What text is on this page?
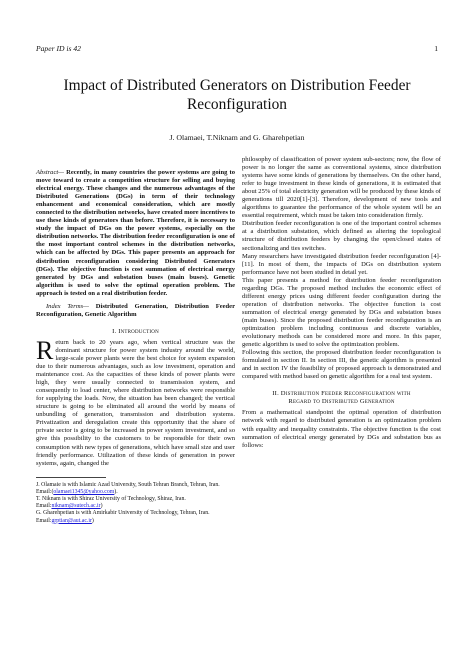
Paper ID is 42	1
Impact of Distributed Generators on Distribution Feeder Reconfiguration
J. Olamaei, T.Niknam and G. Gharehpetian

Abstract— Recently, in many countries the power systems are going to move toward to create a competition structure for selling and buying electrical energy. These changes and the numerous advantages of the Distributed Generations (DGs) in term of their technology enhancement and economical consideration, which are mostly connected to the distribution networks, have created more incentives to use these kinds of generators than before. Therefore, it is necessary to study the impact of DGs on the power systems, especially on the distribution networks. The distribution feeder reconfiguration is one of the most important control schemes in the distribution networks, which can be affected by DGs. This paper presents an approach for distribution reconfiguration considering Distributed Generators (DGs). The objective function is cost summation of electrical energy generated by DGs and substation buses (main buses). Genetic algorithm is used to solve the optimal operation problem. The approach is tested on a real distribution feeder.

Index Terms— Distributed Generation, Distribution Feeder Reconfiguration, Genetic Algorithm

I. Introduction

Return back to 20 years ago, when vertical structure was the dominant structure for power system industry around the world, large-scale power plants were the best choice for system expansion due to their numerous advantages, such as low investment, operation and maintenance cost. As the capacities of these kinds of power plants were high, they were usually connected to transmission system, and consequently to load center, where distribution networks were responsible for supplying the loads. Now, the situation has been changed; the vertical structure is going to be eliminated all around the world by means of unbundling of generation, transmission and distribution systems. Privatization and deregulation create this opportunity that the share of private sector is going to be increased in power system investment, and so give this possibility to the customers to be responsible for their own consumption with new types of generations, which have small size and user friendly performance. Utilization of these kinds of generation in power systems, again, changed the

J. Olamaie is with Islamic Azad University, South Tehran Branch, Tehran, Iran. Email:(olamaei1345@yahoo.com).
T. Niknam is with Shiraz University of Technology, Shiraz, Iran. Email:niknam@sutech.ac.ir)
G. Gharehpetian is with Amirkabir University of Technology, Tehran, Iran. Email:grptian@aut.ac.ir)

philosophy of classification of power system sub-sectors; now, the flow of power is no longer the same as conventional systems, since distribution systems have some kinds of generations by themselves. On the other hand, refer to huge investment in these kinds of generations, it is estimated that about 25% of total electricity generation will be produced by these kinds of generations till 2020[1]-[3]. Therefore, development of new tools and algorithms to guarantee the performance of the whole system will be an essential requirement, which must be taken into consideration firmly.

Distribution feeder reconfiguration is one of the important control schemes at a distribution substation, which defined as altering the topological structure of distribution feeders by changing the open/closed states of sectionalizing and ties switches.

Many researchers have investigated distribution feeder reconfiguration [4]-[11]. In most of them, the impacts of DGs on distribution system performance have not been studied in detail yet.

This paper presents a method for distribution feeder reconfiguration regarding DGs. The proposed method includes the economic effect of different energy prices using different feeder configuration during the operation of distribution networks. The objective function is cost summation of electrical energy generated by DGs and substation buses (main buses). Since the proposed distribution feeder reconfiguration is an optimization problem including continuous and discrete variables, evolutionary methods can be considered more and more. In this paper, genetic algorithm is used to solve the optimization problem.

Following this section, the proposed distribution feeder reconfiguration is formulated in section II. In section III, the genetic algorithm is presented and in section IV the feasibility of proposed approach is demonstrated and compared with method based on genetic algorithm for a real test system.

II. Distribution Feeder Reconfiguration with
Regard to Distributed Generation

From a mathematical standpoint the optimal operation of distribution network with regard to distributed generation is an optimization problem with equality and inequality constraints. The objective function is the cost summation of electrical energy generated by DGs and substation bus as follows:
